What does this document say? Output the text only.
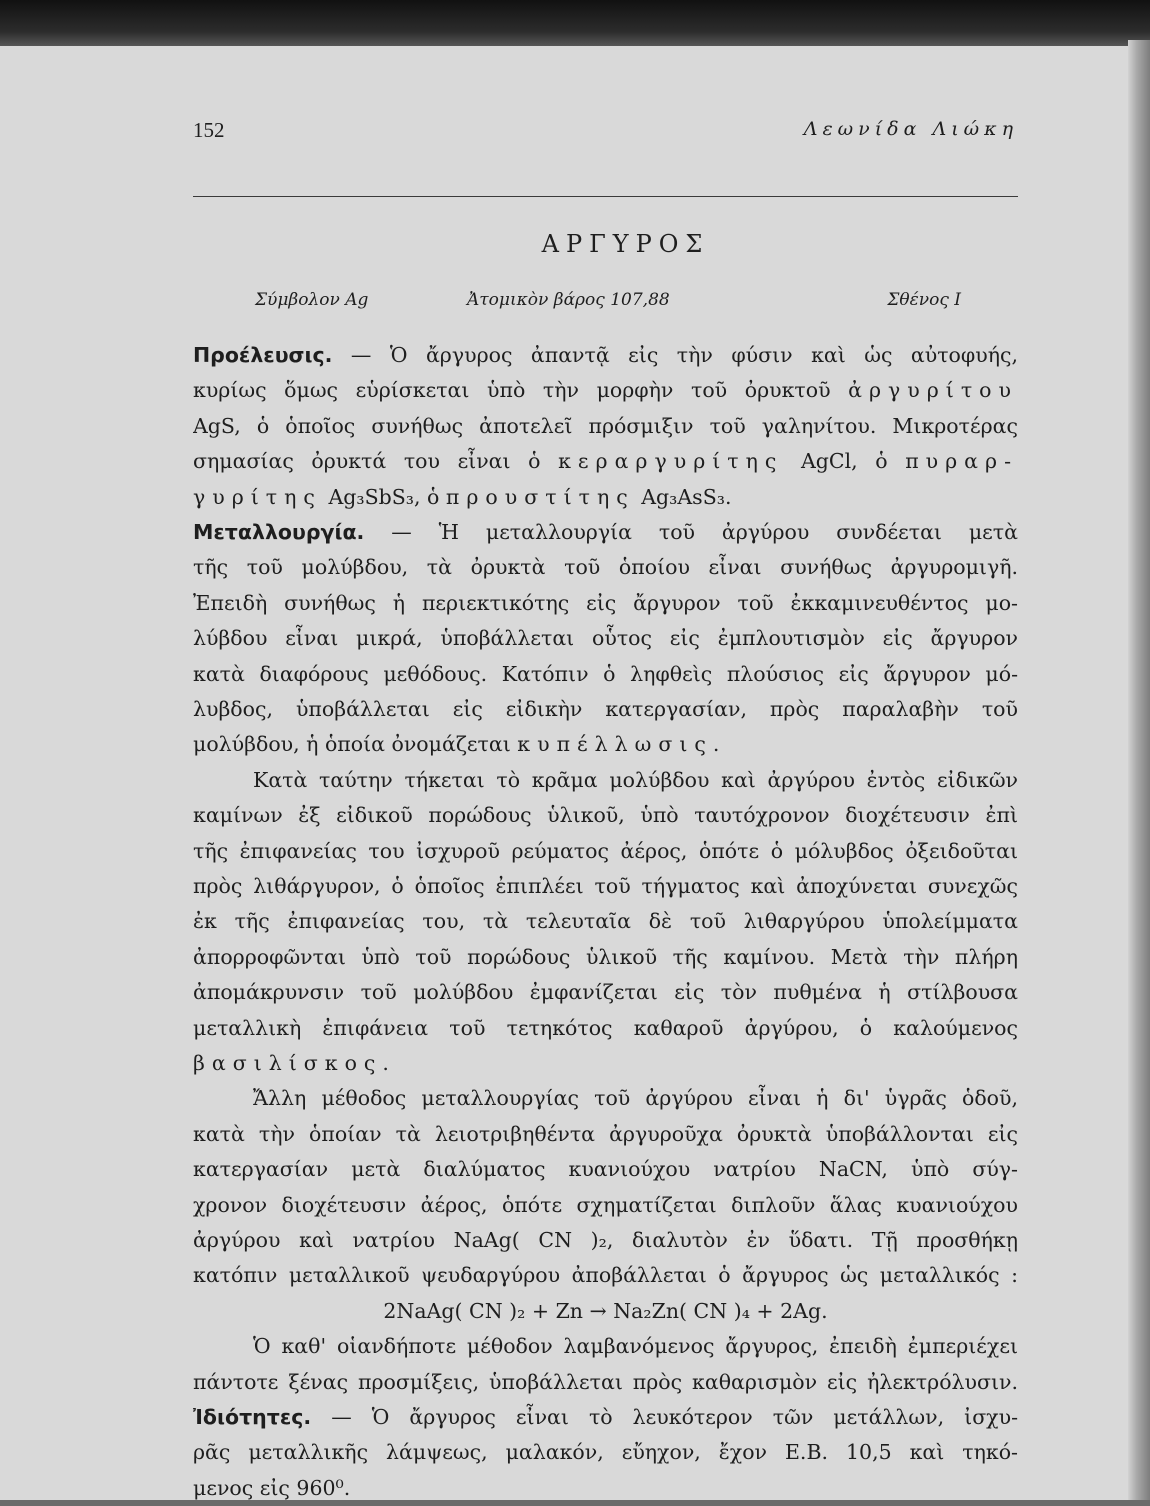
152	Λεωνίδα Λιώκη
ΑΡΓΥΡΟΣ
Σύμβολον Ag	Ἀτομικὸν βάρος 107,88	Σθένος I
Προέλευσις. — Ὁ ἄργυρος ἀπαντᾷ εἰς τὴν φύσιν καὶ ὡς αὐτοφυής,
κυρίως ὅμως εὑρίσκεται ὑπὸ τὴν μορφὴν τοῦ ὀρυκτοῦ ἀργυρίτου
AgS, ὁ ὁποῖος συνήθως ἀποτελεῖ πρόσμιξιν τοῦ γαληνίτου. Μικροτέρας
σημασίας ὀρυκτά του εἶναι ὁ κεραργυρίτης AgCl, ὁ πυραρ-
γυρίτης Ag₃SbS₃, ὁ προυστίτης Ag₃AsS₃.
Μεταλλουργία. — Ἡ μεταλλουργία τοῦ ἀργύρου συνδέεται μετὰ
τῆς τοῦ μολύβδου, τὰ ὀρυκτὰ τοῦ ὁποίου εἶναι συνήθως ἀργυρομιγῆ.
Ἐπειδὴ συνήθως ἡ περιεκτικότης εἰς ἄργυρον τοῦ ἐκκαμινευθέντος μο-
λύβδου εἶναι μικρά, ὑποβάλλεται οὗτος εἰς ἐμπλουτισμὸν εἰς ἄργυρον
κατὰ διαφόρους μεθόδους. Κατόπιν ὁ ληφθεὶς πλούσιος εἰς ἄργυρον μό-
λυβδος, ὑποβάλλεται εἰς εἰδικὴν κατεργασίαν, πρὸς παραλαβὴν τοῦ
μολύβδου, ἡ ὁποία ὀνομάζεται κυπέλλωσις.
Κατὰ ταύτην τήκεται τὸ κρᾶμα μολύβδου καὶ ἀργύρου ἐντὸς εἰδικῶν
καμίνων ἐξ εἰδικοῦ πορώδους ὑλικοῦ, ὑπὸ ταυτόχρονον διοχέτευσιν ἐπὶ
τῆς ἐπιφανείας του ἰσχυροῦ ρεύματος ἀέρος, ὁπότε ὁ μόλυβδος ὀξειδοῦται
πρὸς λιθάργυρον, ὁ ὁποῖος ἐπιπλέει τοῦ τήγματος καὶ ἀποχύνεται συνεχῶς
ἐκ τῆς ἐπιφανείας του, τὰ τελευταῖα δὲ τοῦ λιθαργύρου ὑπολείμματα
ἀπορροφῶνται ὑπὸ τοῦ πορώδους ὑλικοῦ τῆς καμίνου. Μετὰ τὴν πλήρη
ἀπομάκρυνσιν τοῦ μολύβδου ἐμφανίζεται εἰς τὸν πυθμένα ἡ στίλβουσα
μεταλλικὴ ἐπιφάνεια τοῦ τετηκότος καθαροῦ ἀργύρου, ὁ καλούμενος
βασιλίσκος.
Ἄλλη μέθοδος μεταλλουργίας τοῦ ἀργύρου εἶναι ἡ δι' ὑγρᾶς ὁδοῦ,
κατὰ τὴν ὁποίαν τὰ λειοτριβηθέντα ἀργυροῦχα ὀρυκτὰ ὑποβάλλονται εἰς
κατεργασίαν μετὰ διαλύματος κυανιούχου νατρίου NaCN, ὑπὸ σύγ-
χρονον διοχέτευσιν ἀέρος, ὁπότε σχηματίζεται διπλοῦν ἅλας κυανιούχου
ἀργύρου καὶ νατρίου NaAg( CN )₂, διαλυτὸν ἐν ὕδατι. Τῇ προσθήκῃ
κατόπιν μεταλλικοῦ ψευδαργύρου ἀποβάλλεται ὁ ἄργυρος ὡς μεταλλικός :
2NaAg( CN )₂ + Zn → Na₂Zn( CN )₄ + 2Ag.
Ὁ καθ' οἱανδήποτε μέθοδον λαμβανόμενος ἄργυρος, ἐπειδὴ ἐμπεριέχει
πάντοτε ξένας προσμίξεις, ὑποβάλλεται πρὸς καθαρισμὸν εἰς ἠλεκτρόλυσιν.
Ἰδιότητες. — Ὁ ἄργυρος εἶναι τὸ λευκότερον τῶν μετάλλων, ἰσχυ-
ρᾶς μεταλλικῆς λάμψεως, μαλακόν, εὔηχον, ἔχον E.B. 10,5 καὶ τηκό-
μενος εἰς 960⁰.
